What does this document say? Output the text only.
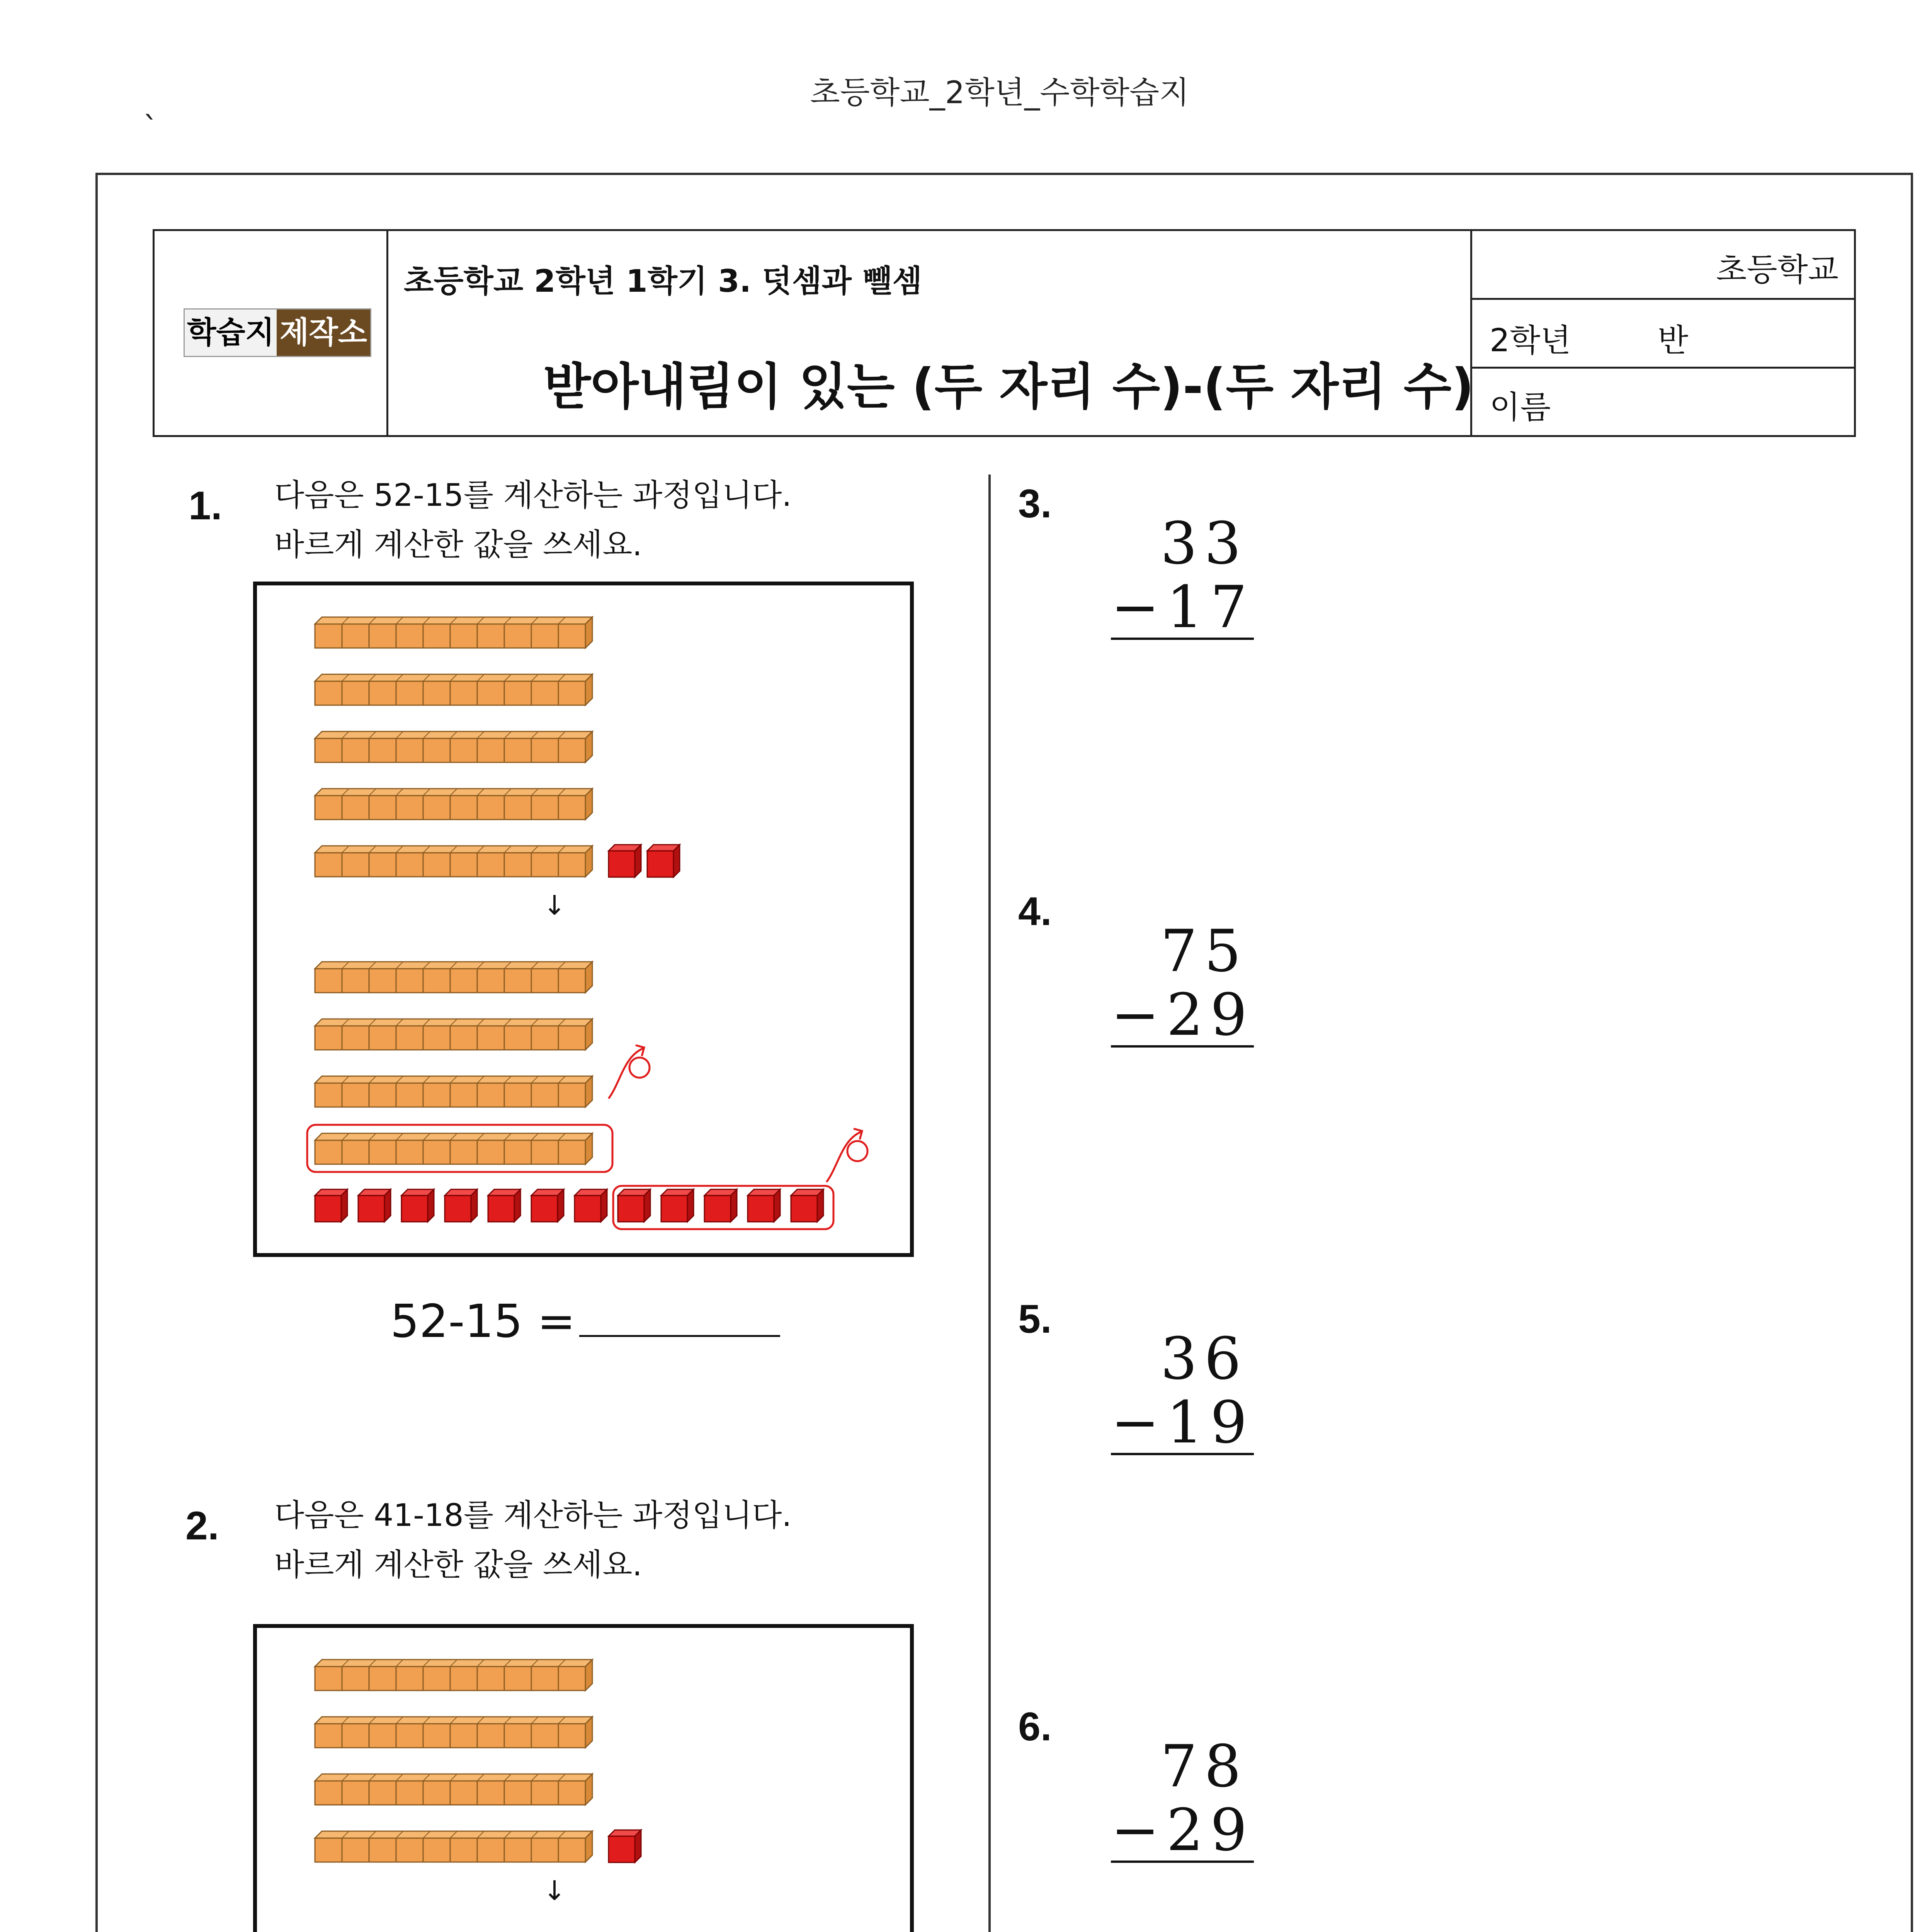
초등학교_2학년_수학학습지
`
학습지 제작소
초등학교 2학년 1학기 3. 덧셈과 뺄셈
받아내림이 있는 (두 자리 수)-(두 자리 수)
초등학교
2학년	반
이름
1. 다음은 52-15를 계산하는 과정입니다.
바르게 계산한 값을 쓰세요.
↓
52-15 =
2. 다음은 41-18를 계산하는 과정입니다.
바르게 계산한 값을 쓰세요.
↓
3.
33
− 17
4.
75
− 29
5.
36
− 19
6.
78
− 29
